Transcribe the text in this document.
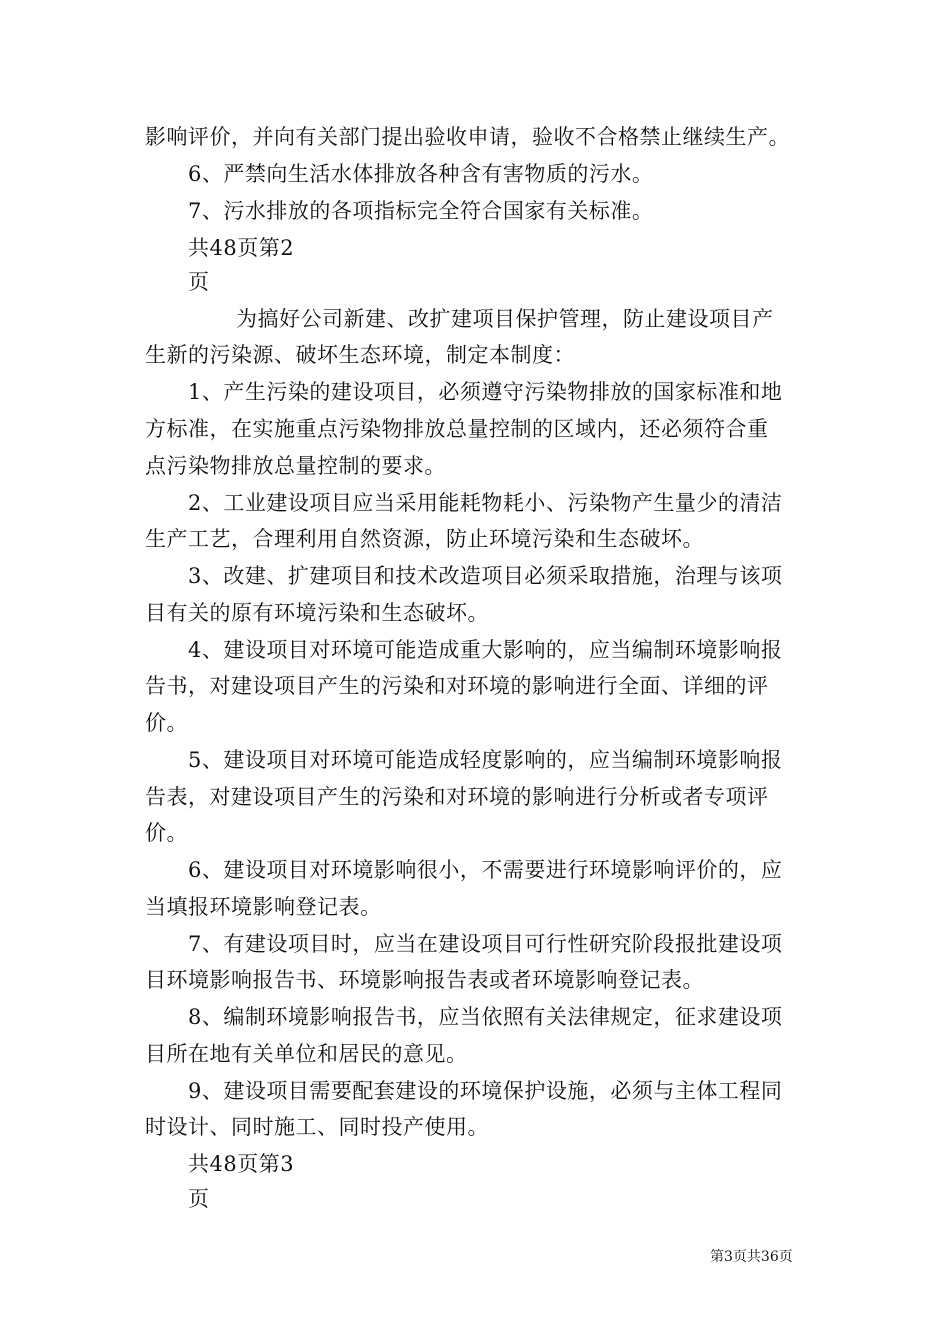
影响评价，并向有关部门提出验收申请，验收不合格禁止继续生产。
6、严禁向生活水体排放各种含有害物质的污水。
7、污水排放的各项指标完全符合国家有关标准。
共48页第2
页
为搞好公司新建、改扩建项目保护管理，防止建设项目产
生新的污染源、破坏生态环境，制定本制度：
1、产生污染的建设项目，必须遵守污染物排放的国家标准和地
方标准，在实施重点污染物排放总量控制的区域内，还必须符合重
点污染物排放总量控制的要求。
2、工业建设项目应当采用能耗物耗小、污染物产生量少的清洁
生产工艺，合理利用自然资源，防止环境污染和生态破坏。
3、改建、扩建项目和技术改造项目必须采取措施，治理与该项
目有关的原有环境污染和生态破坏。
4、建设项目对环境可能造成重大影响的，应当编制环境影响报
告书，对建设项目产生的污染和对环境的影响进行全面、详细的评
价。
5、建设项目对环境可能造成轻度影响的，应当编制环境影响报
告表，对建设项目产生的污染和对环境的影响进行分析或者专项评
价。
6、建设项目对环境影响很小，不需要进行环境影响评价的，应
当填报环境影响登记表。
7、有建设项目时，应当在建设项目可行性研究阶段报批建设项
目环境影响报告书、环境影响报告表或者环境影响登记表。
8、编制环境影响报告书，应当依照有关法律规定，征求建设项
目所在地有关单位和居民的意见。
9、建设项目需要配套建设的环境保护设施，必须与主体工程同
时设计、同时施工、同时投产使用。
共48页第3
页
第3页共36页
